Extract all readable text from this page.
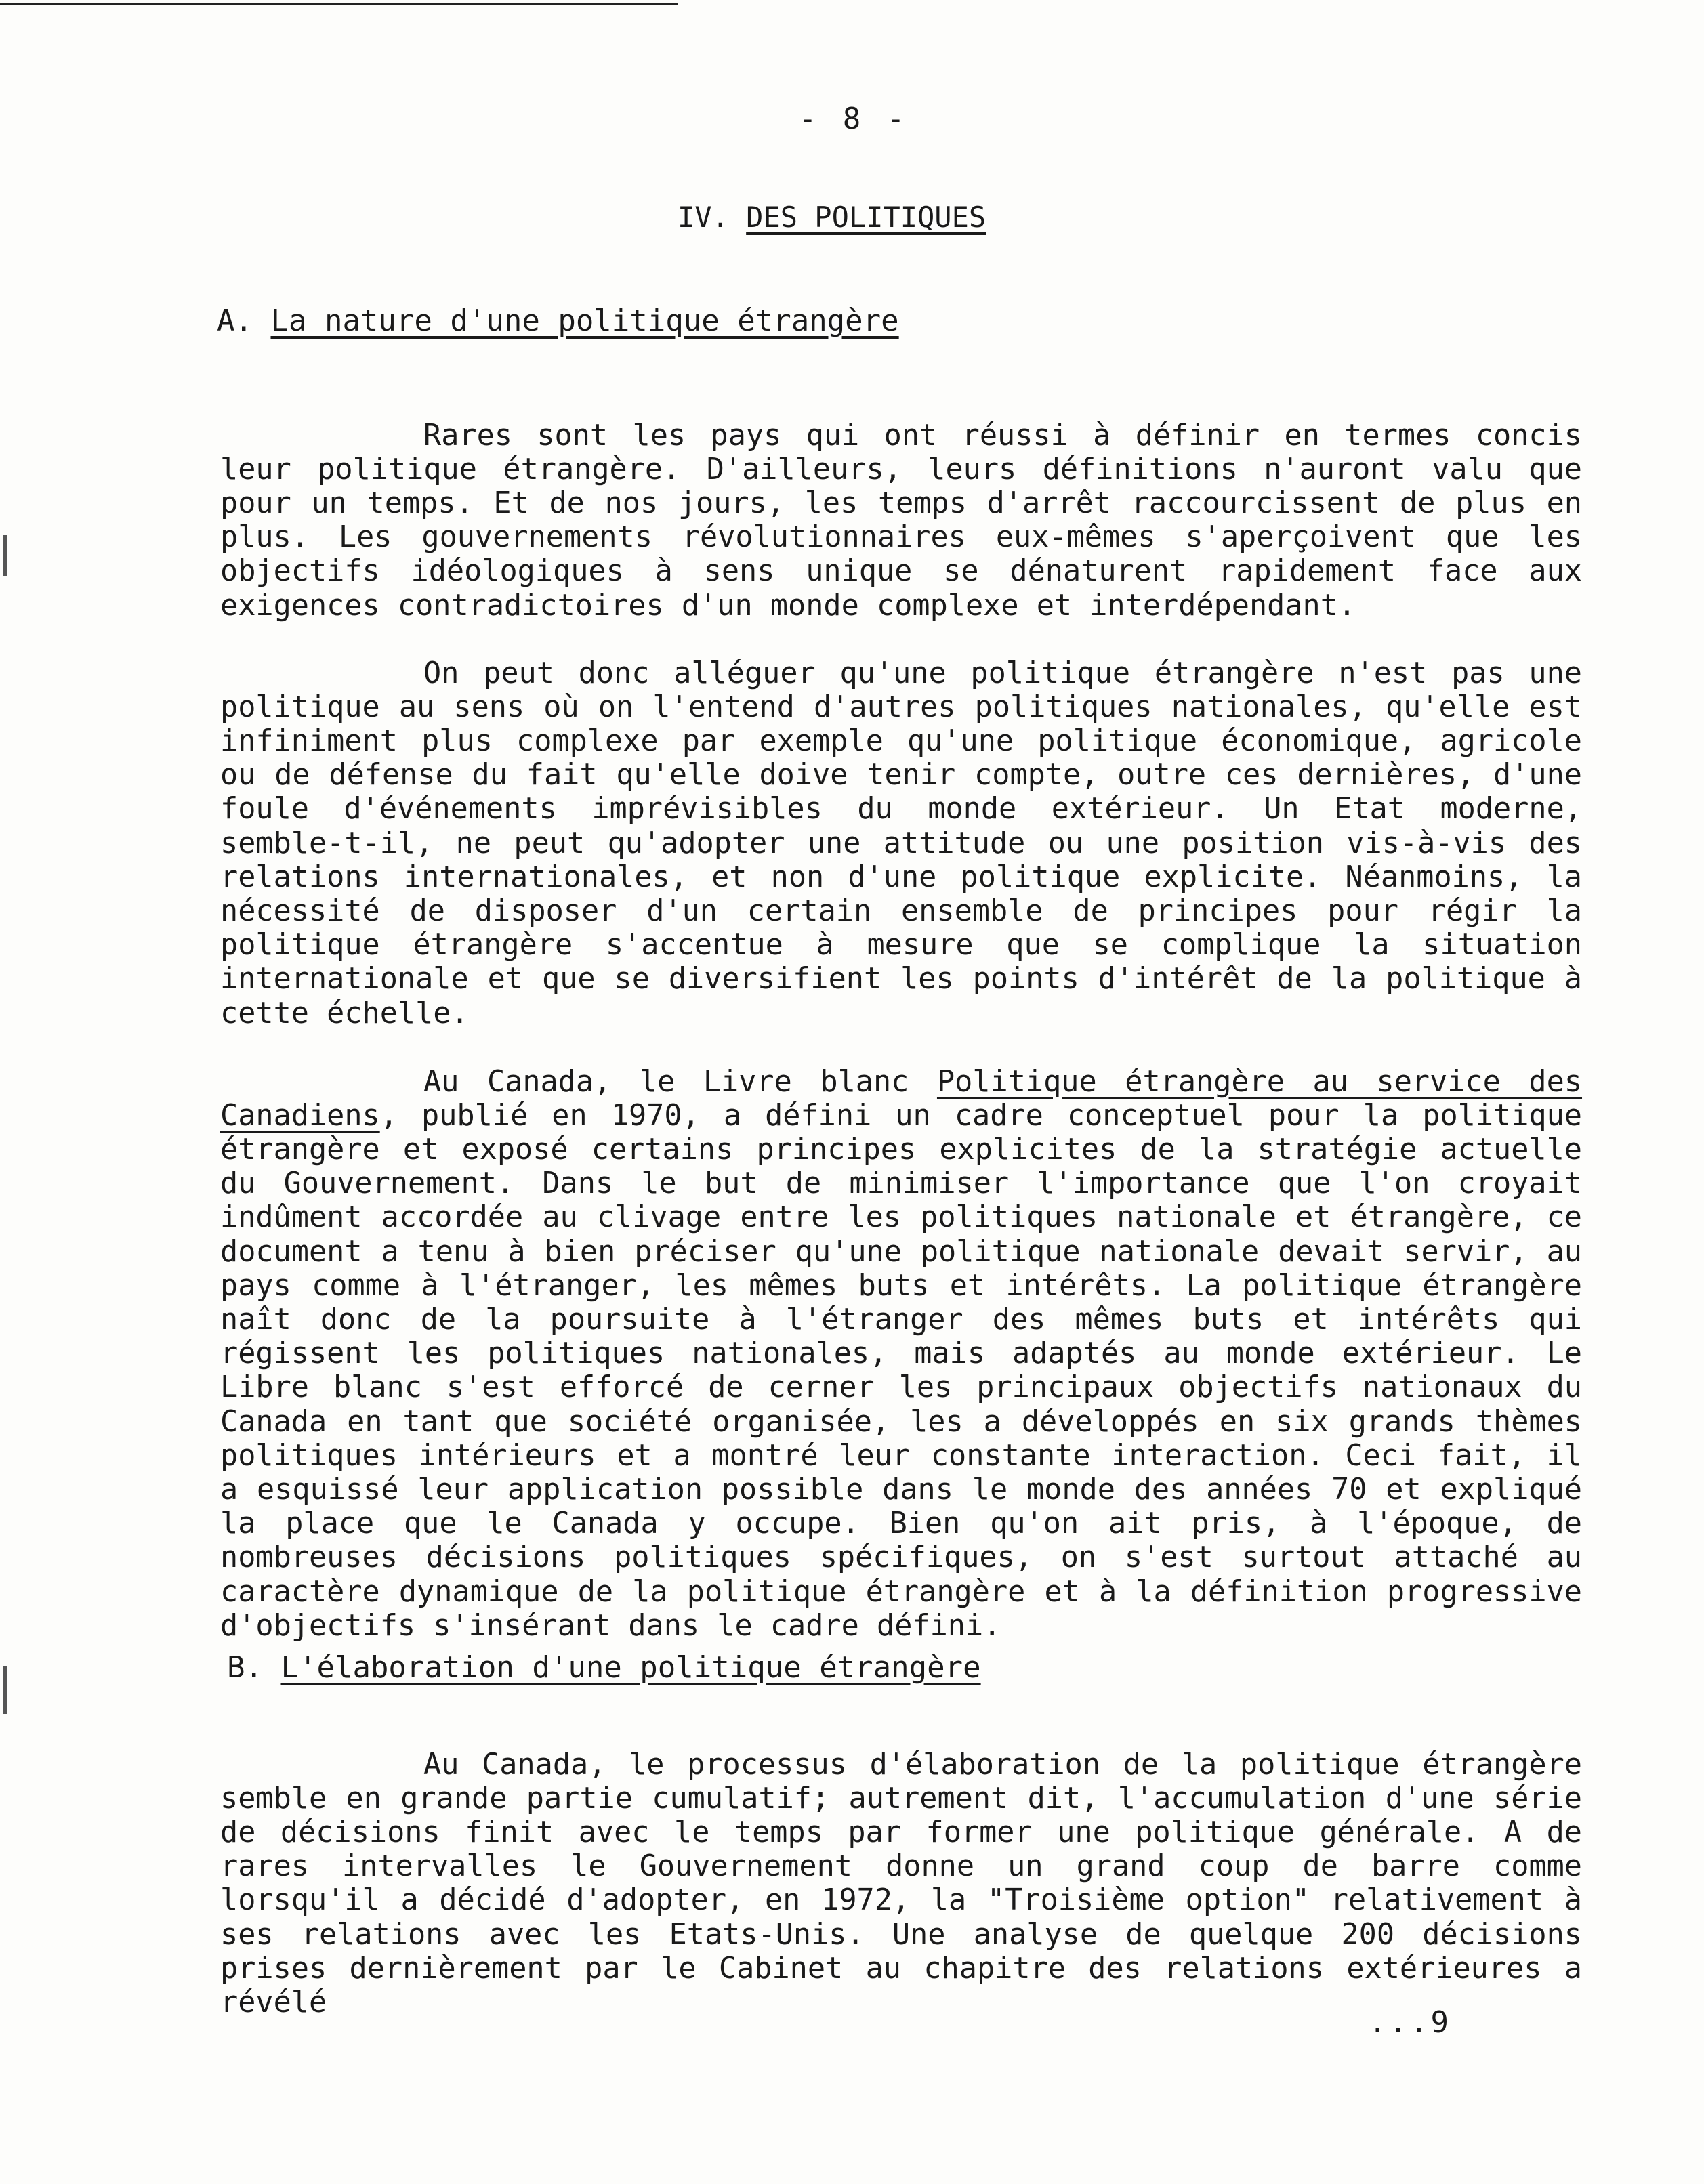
- 8 -
IV. DES POLITIQUES
A. La nature d'une politique étrangère

Rares sont les pays qui ont réussi à définir en termes concis leur politique étrangère. D'ailleurs, leurs définitions n'auront valu que pour un temps. Et de nos jours, les temps d'arrêt raccourcissent de plus en plus. Les gouvernements révolutionnaires eux-mêmes s'aperçoivent que les objectifs idéologiques à sens unique se dénaturent rapidement face aux exigences contradictoires d'un monde complexe et interdépendant.

On peut donc alléguer qu'une politique étrangère n'est pas une politique au sens où on l'entend d'autres politiques nationales, qu'elle est infiniment plus complexe par exemple qu'une politique économique, agricole ou de défense du fait qu'elle doive tenir compte, outre ces dernières, d'une foule d'événements imprévisibles du monde extérieur. Un Etat moderne, semble-t-il, ne peut qu'adopter une attitude ou une position vis-à-vis des relations internationales, et non d'une politique explicite. Néanmoins, la nécessité de disposer d'un certain ensemble de principes pour régir la politique étrangère s'accentue à mesure que se complique la situation internationale et que se diversifient les points d'intérêt de la politique à cette échelle.

Au Canada, le Livre blanc Politique étrangère au service des Canadiens, publié en 1970, a défini un cadre conceptuel pour la politique étrangère et exposé certains principes explicites de la stratégie actuelle du Gouvernement. Dans le but de minimiser l'importance que l'on croyait indûment accordée au clivage entre les politiques nationale et étrangère, ce document a tenu à bien préciser qu'une politique nationale devait servir, au pays comme à l'étranger, les mêmes buts et intérêts. La politique étrangère naît donc de la poursuite à l'étranger des mêmes buts et intérêts qui régissent les politiques nationales, mais adaptés au monde extérieur. Le Libre blanc s'est efforcé de cerner les principaux objectifs nationaux du Canada en tant que société organisée, les a développés en six grands thèmes politiques intérieurs et a montré leur constante interaction. Ceci fait, il a esquissé leur application possible dans le monde des années 70 et expliqué la place que le Canada y occupe. Bien qu'on ait pris, à l'époque, de nombreuses décisions politiques spécifiques, on s'est surtout attaché au caractère dynamique de la politique étrangère et à la définition progressive d'objectifs s'insérant dans le cadre défini.

B. L'élaboration d'une politique étrangère

Au Canada, le processus d'élaboration de la politique étrangère semble en grande partie cumulatif; autrement dit, l'accumulation d'une série de décisions finit avec le temps par former une politique générale. A de rares intervalles le Gouvernement donne un grand coup de barre comme lorsqu'il a décidé d'adopter, en 1972, la "Troisième option" relativement à ses relations avec les Etats-Unis. Une analyse de quelque 200 décisions prises dernièrement par le Cabinet au chapitre des relations extérieures a révélé

...9
